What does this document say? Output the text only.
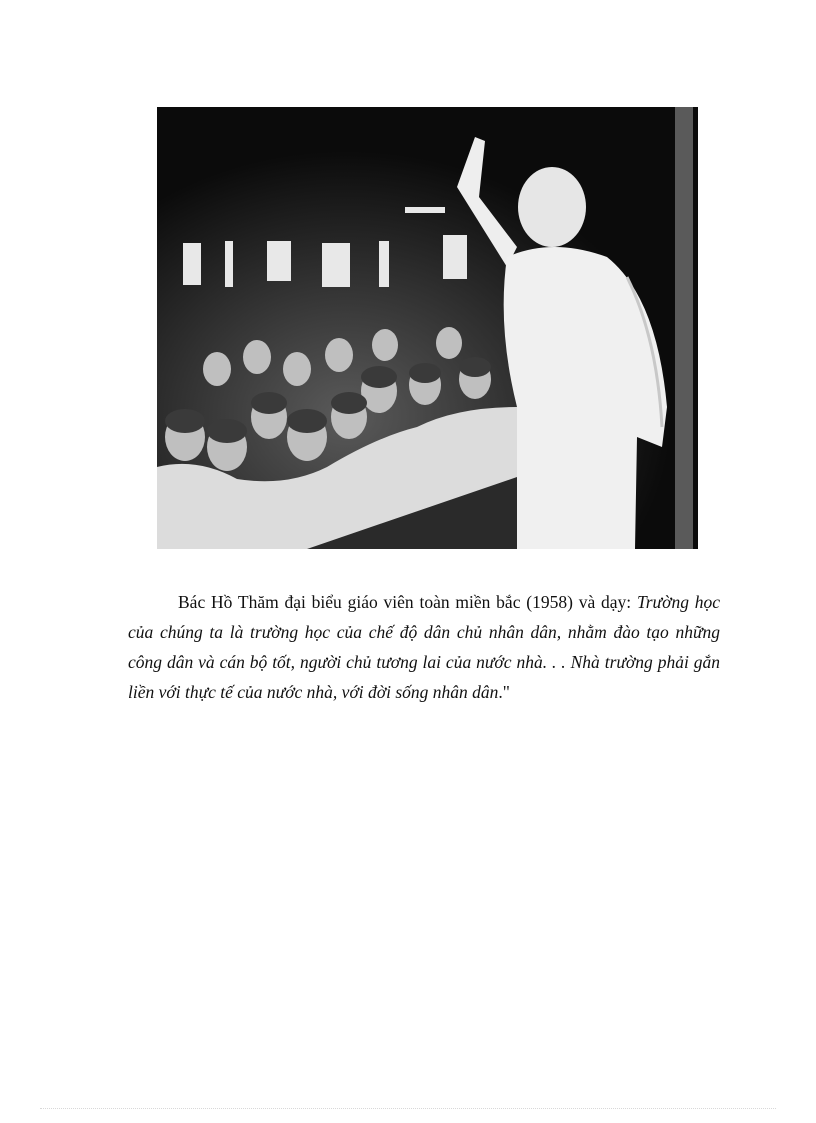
Bác Hồ Thăm đại biểu giáo viên toàn miền bắc (1958) và dạy: Trường học của chúng ta là trường học của chế độ dân chủ nhân dân, nhằm đào tạo những công dân và cán bộ tốt, người chủ tương lai của nước nhà. . . Nhà trường phải gắn liền với thực tế của nước nhà, với đời sống nhân dân."
